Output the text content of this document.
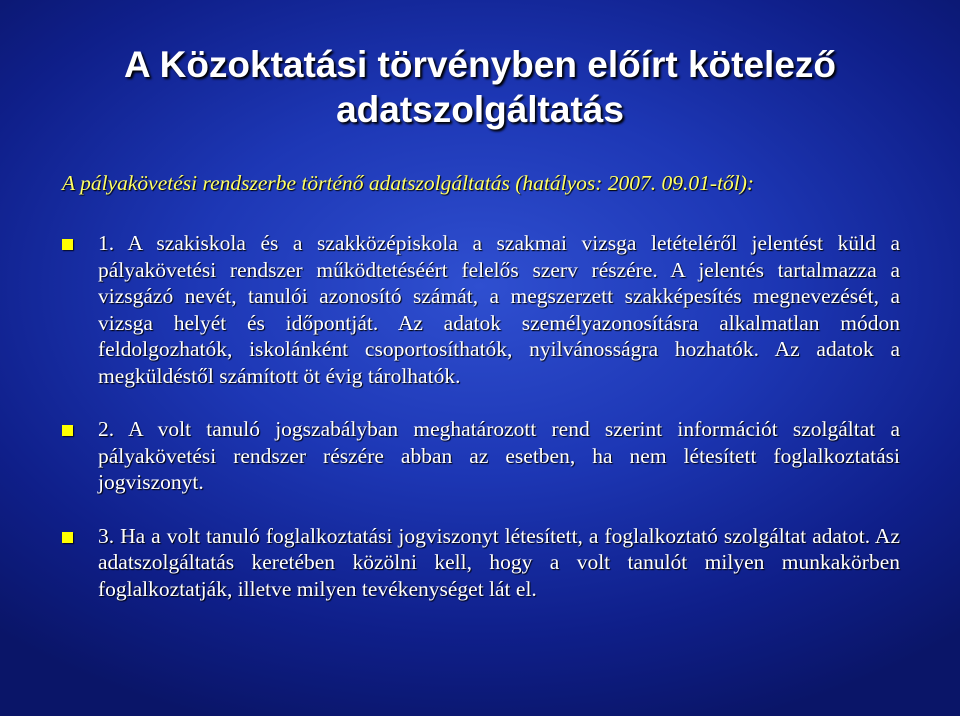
A Közoktatási törvényben előírt kötelező adatszolgáltatás
A pályakövetési rendszerbe történő adatszolgáltatás (hatályos: 2007. 09.01-től):
1. A szakiskola és a szakközépiskola a szakmai vizsga letételéről jelentést küld a pályakövetési rendszer működtetéséért felelős szerv részére. A jelentés tartalmazza a vizsgázó nevét, tanulói azonosító számát, a megszerzett szakképesítés megnevezését, a vizsga helyét és időpontját. Az adatok személyazonosításra alkalmatlan módon feldolgozhatók, iskolánként csoportosíthatók, nyilvánosságra hozhatók. Az adatok a megküldéstől számított öt évig tárolhatók.
2. A volt tanuló jogszabályban meghatározott rend szerint információt szolgáltat a pályakövetési rendszer részére abban az esetben, ha nem létesített foglalkoztatási jogviszonyt.
3. Ha a volt tanuló foglalkoztatási jogviszonyt létesített, a foglalkoztató szolgáltat adatot. Az adatszolgáltatás keretében közölni kell, hogy a volt tanulót milyen munkakörben foglalkoztatják, illetve milyen tevékenységet lát el.
